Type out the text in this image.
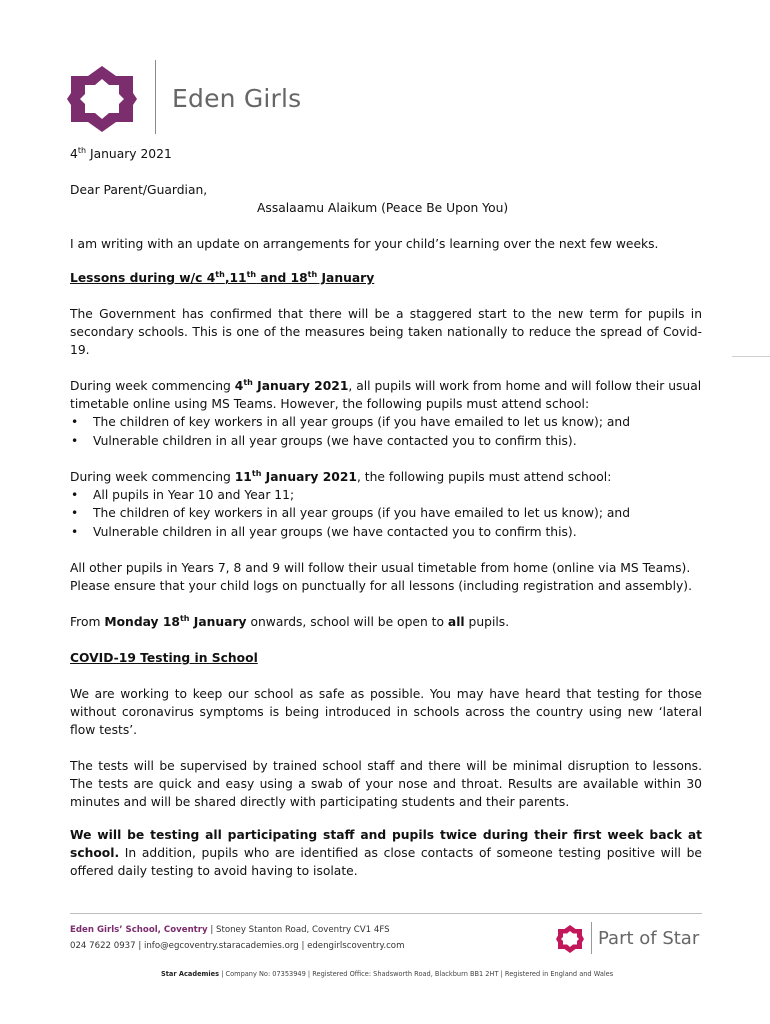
Eden Girls
4th January 2021
Dear Parent/Guardian,
Assalaamu Alaikum (Peace Be Upon You)
I am writing with an update on arrangements for your child’s learning over the next few weeks.
Lessons during w/c 4th,11th and 18th January
The Government has confirmed that there will be a staggered start to the new term for pupils in secondary schools. This is one of the measures being taken nationally to reduce the spread of Covid-19.
During week commencing 4th January 2021, all pupils will work from home and will follow their usual timetable online using MS Teams. However, the following pupils must attend school:
• The children of key workers in all year groups (if you have emailed to let us know); and
• Vulnerable children in all year groups (we have contacted you to confirm this).
During week commencing 11th January 2021, the following pupils must attend school:
• All pupils in Year 10 and Year 11;
• The children of key workers in all year groups (if you have emailed to let us know); and
• Vulnerable children in all year groups (we have contacted you to confirm this).
All other pupils in Years 7, 8 and 9 will follow their usual timetable from home (online via MS Teams). Please ensure that your child logs on punctually for all lessons (including registration and assembly).
From Monday 18th January onwards, school will be open to all pupils.
COVID-19 Testing in School
We are working to keep our school as safe as possible. You may have heard that testing for those without coronavirus symptoms is being introduced in schools across the country using new ‘lateral flow tests’.
The tests will be supervised by trained school staff and there will be minimal disruption to lessons. The tests are quick and easy using a swab of your nose and throat. Results are available within 30 minutes and will be shared directly with participating students and their parents.
We will be testing all participating staff and pupils twice during their first week back at school. In addition, pupils who are identified as close contacts of someone testing positive will be offered daily testing to avoid having to isolate.
Eden Girls’ School, Coventry | Stoney Stanton Road, Coventry CV1 4FS
024 7622 0937 | info@egcoventry.staracademies.org | edengirlscoventry.com	Part of Star
Star Academies | Company No: 07353949 | Registered Office: Shadsworth Road, Blackburn BB1 2HT | Registered in England and Wales
